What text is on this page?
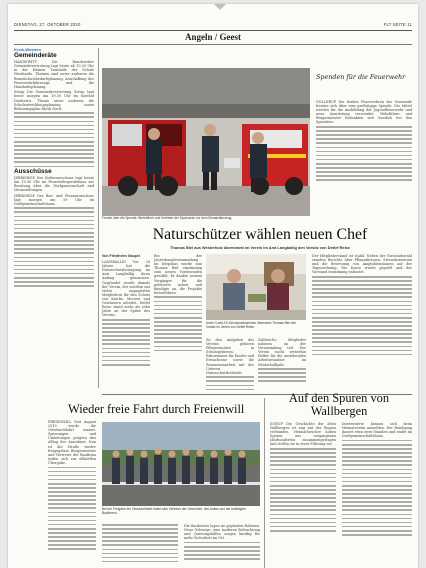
DIENSTAG, 27. OKTOBER 2020	FLT SEITE 11
Angeln / Geest
Kreis-Western
Gemeinderäte

HANDEWITT Die Handewitter Gemeindevertretung tagt heute ab 19.30 Uhr in der kleinen Turnhalle der Schule Wiesharde. Themen sind unter anderem die Brandschutzbedarfsplanung, Anschaffung des Feuerwehrfahrzeugs und die Haushaltsplanung.

Sörup Die Gemeindevertretung Sörup tagt heute morgen um 19.30 Uhr im Gasthof Dreiherrn. Thema unter anderem die Schulentwicklungsplanung sowie Bebauungsplan Kiosk Nord.

Ausschüsse

JERRISHOE Der Kulturausschuss tagt heute um 19.30 Uhr im Feuerwehrgerätehaus zur Beratung über die Dorfgemeinschaft und Veranstaltungen.

JERRISHOE Der Bau- und Finanzausschuss tagt morgen um 19 Uhr im Dorfgemeinschaftshaus.

Spenden für die Feuerwehr

GOLLERUP Die beiden Feuerwehren der Gemeinde freuten sich über eine großzügige Spende. Die Mittel werden für die Ausbildung der Jugendfeuerwehr und neue Ausrüstung verwendet. Wehrführer und Bürgermeister bedankten sich herzlich bei den Spendern.

Freude über die Spende: Wehrführer und Vertreter der Sponsoren vor dem Einsatzfahrzeug.
Naturschützer wählen neuen Chef
Thomas Biel aus Westerholz übernimmt im Verein im Amt Langballig den Vorsitz von Detlef Reise
Von Friedhelm Gaupel

LANGBALLIG Vor 26 Jahren hat die Naturschutzbewegung im Amt Langballig ihren Anfang genommen. Gegründet wurde damals der Verein, der seitdem mit vielen engagierten Mitgliedern für den Schutz von Knicks, Mooren und Gewässern arbeitet. Detlef Reise stand mehr als zehn Jahre an der Spitze des Vereins.

Bei der Jahreshauptversammlung im Dörpshus wurde nun Thomas Biel einstimmig zum neuen Vorsitzenden gewählt. Er dankte seinem Vorgänger für die geleistete Arbeit und kündigte an, die Projekte fortzuführen.

Unter Covid-19-Schutzmaßnahmen übernahm Thomas Biel den Vorsitz im Verein von Detlef Reise.

Zu den Aufgaben des Vereins gehören Pflegeeinsätze in Schutzgebieten, Exkursionen für Kinder und Erwachsene sowie die Zusammenarbeit mit der Unteren Naturschutzbehörde.

Zahlreiche Mitglieder nahmen an der Versammlung teil. Der Verein sucht weiterhin Helfer für die anstehenden Arbeitseinsätze im Winterhalbjahr.

Der Mitgliederstand ist stabil. Neben der Vorstandswahl standen Berichte über Pflanzaktionen, Streuobstwiesen und die Betreuung von Amphibienzäunen auf der Tagesordnung. Die Kasse wurde geprüft und der Vorstand einstimmig entlastet.

Wieder freie Fahrt durch Freienwill

FREIENWILL Seit August 2019 wurde die Ortsdurchfahrt saniert. Sperrungen und Umleitungen prägten den Alltag der Anwohner. Nun ist die Straße wieder freigegeben. Bürgermeister und Vertreter der Baufirma trafen sich zur offiziellen Übergabe.

Bei der Freigabe der Ortsdurchfahrt trafen sich Vertreter der Gemeinde, des Amtes und der beteiligten Baufirmen.

Die Baukosten lagen im geplanten Rahmen. Neue Gehwege, eine moderne Beleuchtung und Querungshilfen sorgen künftig für mehr Sicherheit im Ort.

Auf den Spuren von Wallbergen

SÖRUP Die Geschichte der alten Wallbergen ist eng mit der Region verbunden. Heimatforscher haben Spuren aus vergangenen Jahrhunderten zusammengetragen und stellen sie in einer Führung vor.

Interessierte können sich beim Heimatverein anmelden. Der Rundgang dauert etwa zwei Stunden und endet im Dorfgemeinschaftshaus.
